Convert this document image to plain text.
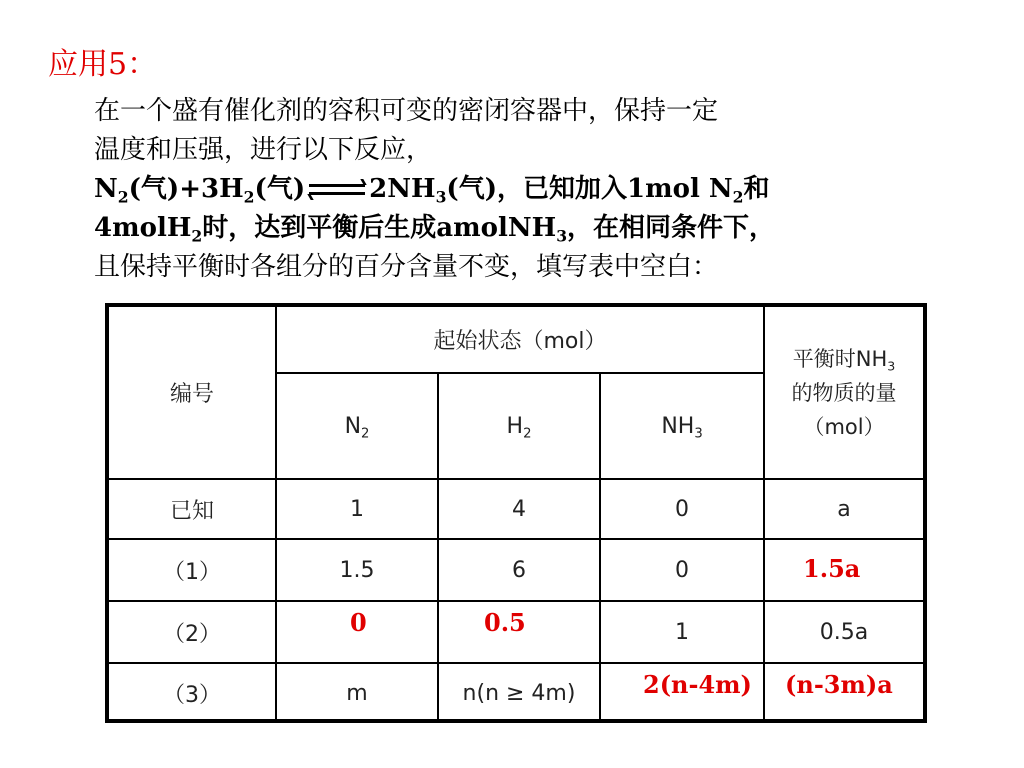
应用5：
在一个盛有催化剂的容积可变的密闭容器中，保持一定
温度和压强，进行以下反应，
$N_2$(气)$+3H_2$(气) $2NH_3$(气)，已知加入1mol $N_2$和
4molH$_2$时，达到平衡后生成amolNH$_3$，在相同条件下，
且保持平衡时各组分的百分含量不变，填写表中空白：
编号	起始状态（mol）			平衡时$NH_3$
的物质的量
（mol）

	$N_2$	$H_2$	$NH_3$
已知	1	4	0	a
（1）	1.5	6	0	1.5a

（2）	0	0.5	1	0.5a
（3）	m	n(n ≥ 4m)	2(n-4m)	(n-3m)a
